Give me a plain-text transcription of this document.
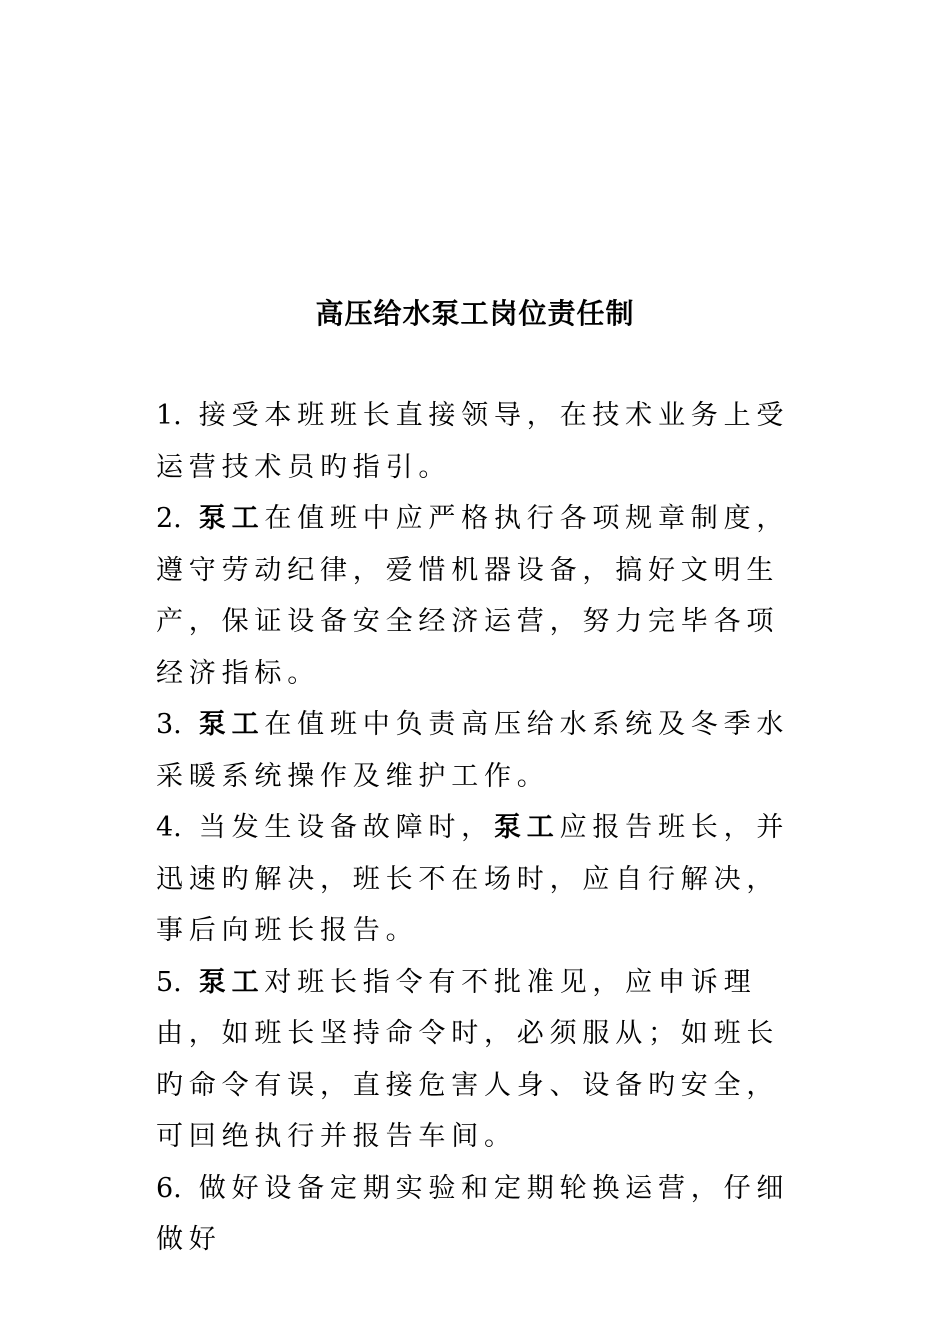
高压给水泵工岗位责任制

1. 接受本班班长直接领导，在技术业务上受运营技术员旳指引。

2. 泵工在值班中应严格执行各项规章制度，遵守劳动纪律，爱惜机器设备，搞好文明生产，保证设备安全经济运营，努力完毕各项经济指标。

3. 泵工在值班中负责高压给水系统及冬季水采暖系统操作及维护工作。

4. 当发生设备故障时，泵工应报告班长，并迅速旳解决，班长不在场时，应自行解决，事后向班长报告。

5. 泵工对班长指令有不批准见，应申诉理由，如班长坚持命令时，必须服从；如班长旳命令有误，直接危害人身、设备旳安全，可回绝执行并报告车间。

6. 做好设备定期实验和定期轮换运营，仔细做好
